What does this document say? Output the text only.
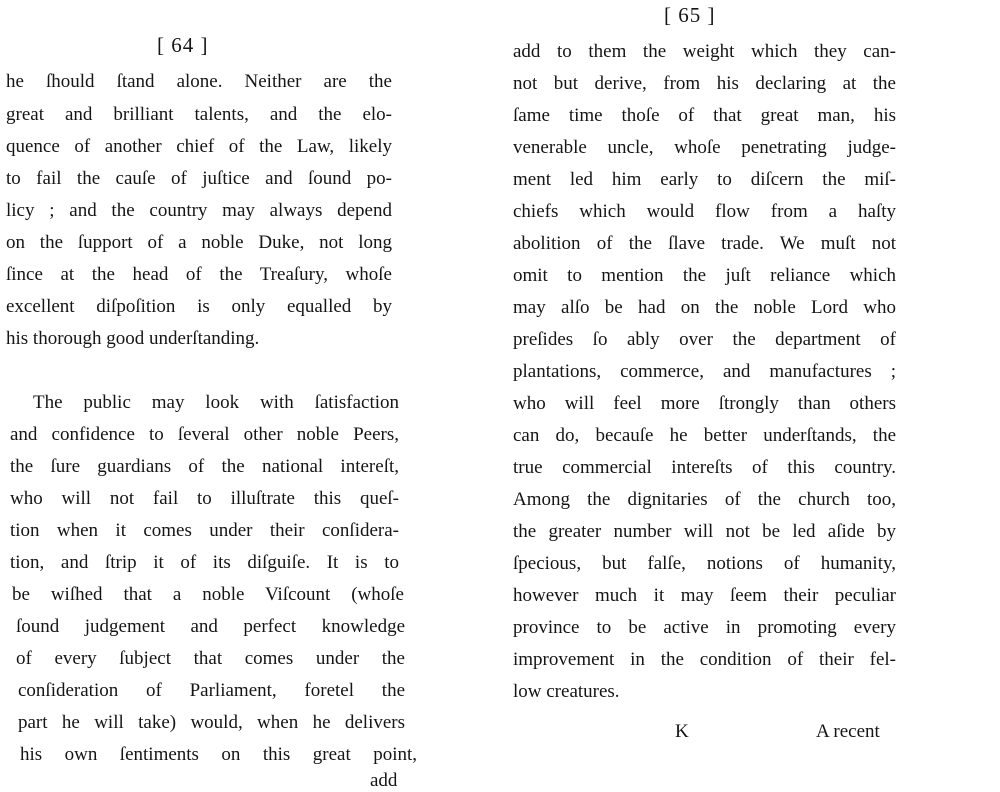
[ 64 ]
he ſhould ſtand alone. Neither are the
great and brilliant talents, and the elo-
quence of another chief of the Law, likely
to fail the cauſe of juſtice and ſound po-
licy ; and the country may always depend
on the ſupport of a noble Duke, not long
ſince at the head of the Treaſury, whoſe
excellent diſpoſition is only equalled by
his thorough good underſtanding.
The public may look with ſatisfaction
and confidence to ſeveral other noble Peers,
the ſure guardians of the national intereſt,
who will not fail to illuſtrate this queſ-
tion when it comes under their conſidera-
tion, and ſtrip it of its diſguiſe. It is to
be wiſhed that a noble Viſcount (whoſe
ſound judgement and perfect knowledge
of every ſubject that comes under the
conſideration of Parliament, foretel the
part he will take) would, when he delivers
his own ſentiments on this great point,
add
[ 65 ]
add to them the weight which they can-
not but derive, from his declaring at the
ſame time thoſe of that great man, his
venerable uncle, whoſe penetrating judge-
ment led him early to diſcern the miſ-
chiefs which would flow from a haſty
abolition of the ſlave trade. We muſt not
omit to mention the juſt reliance which
may alſo be had on the noble Lord who
preſides ſo ably over the department of
plantations, commerce, and manufactures ;
who will feel more ſtrongly than others
can do, becauſe he better underſtands, the
true commercial intereſts of this country.
Among the dignitaries of the church too,
the greater number will not be led aſide by
ſpecious, but falſe, notions of humanity,
however much it may ſeem their peculiar
province to be active in promoting every
improvement in the condition of their fel-
low creatures.
K	A recent
